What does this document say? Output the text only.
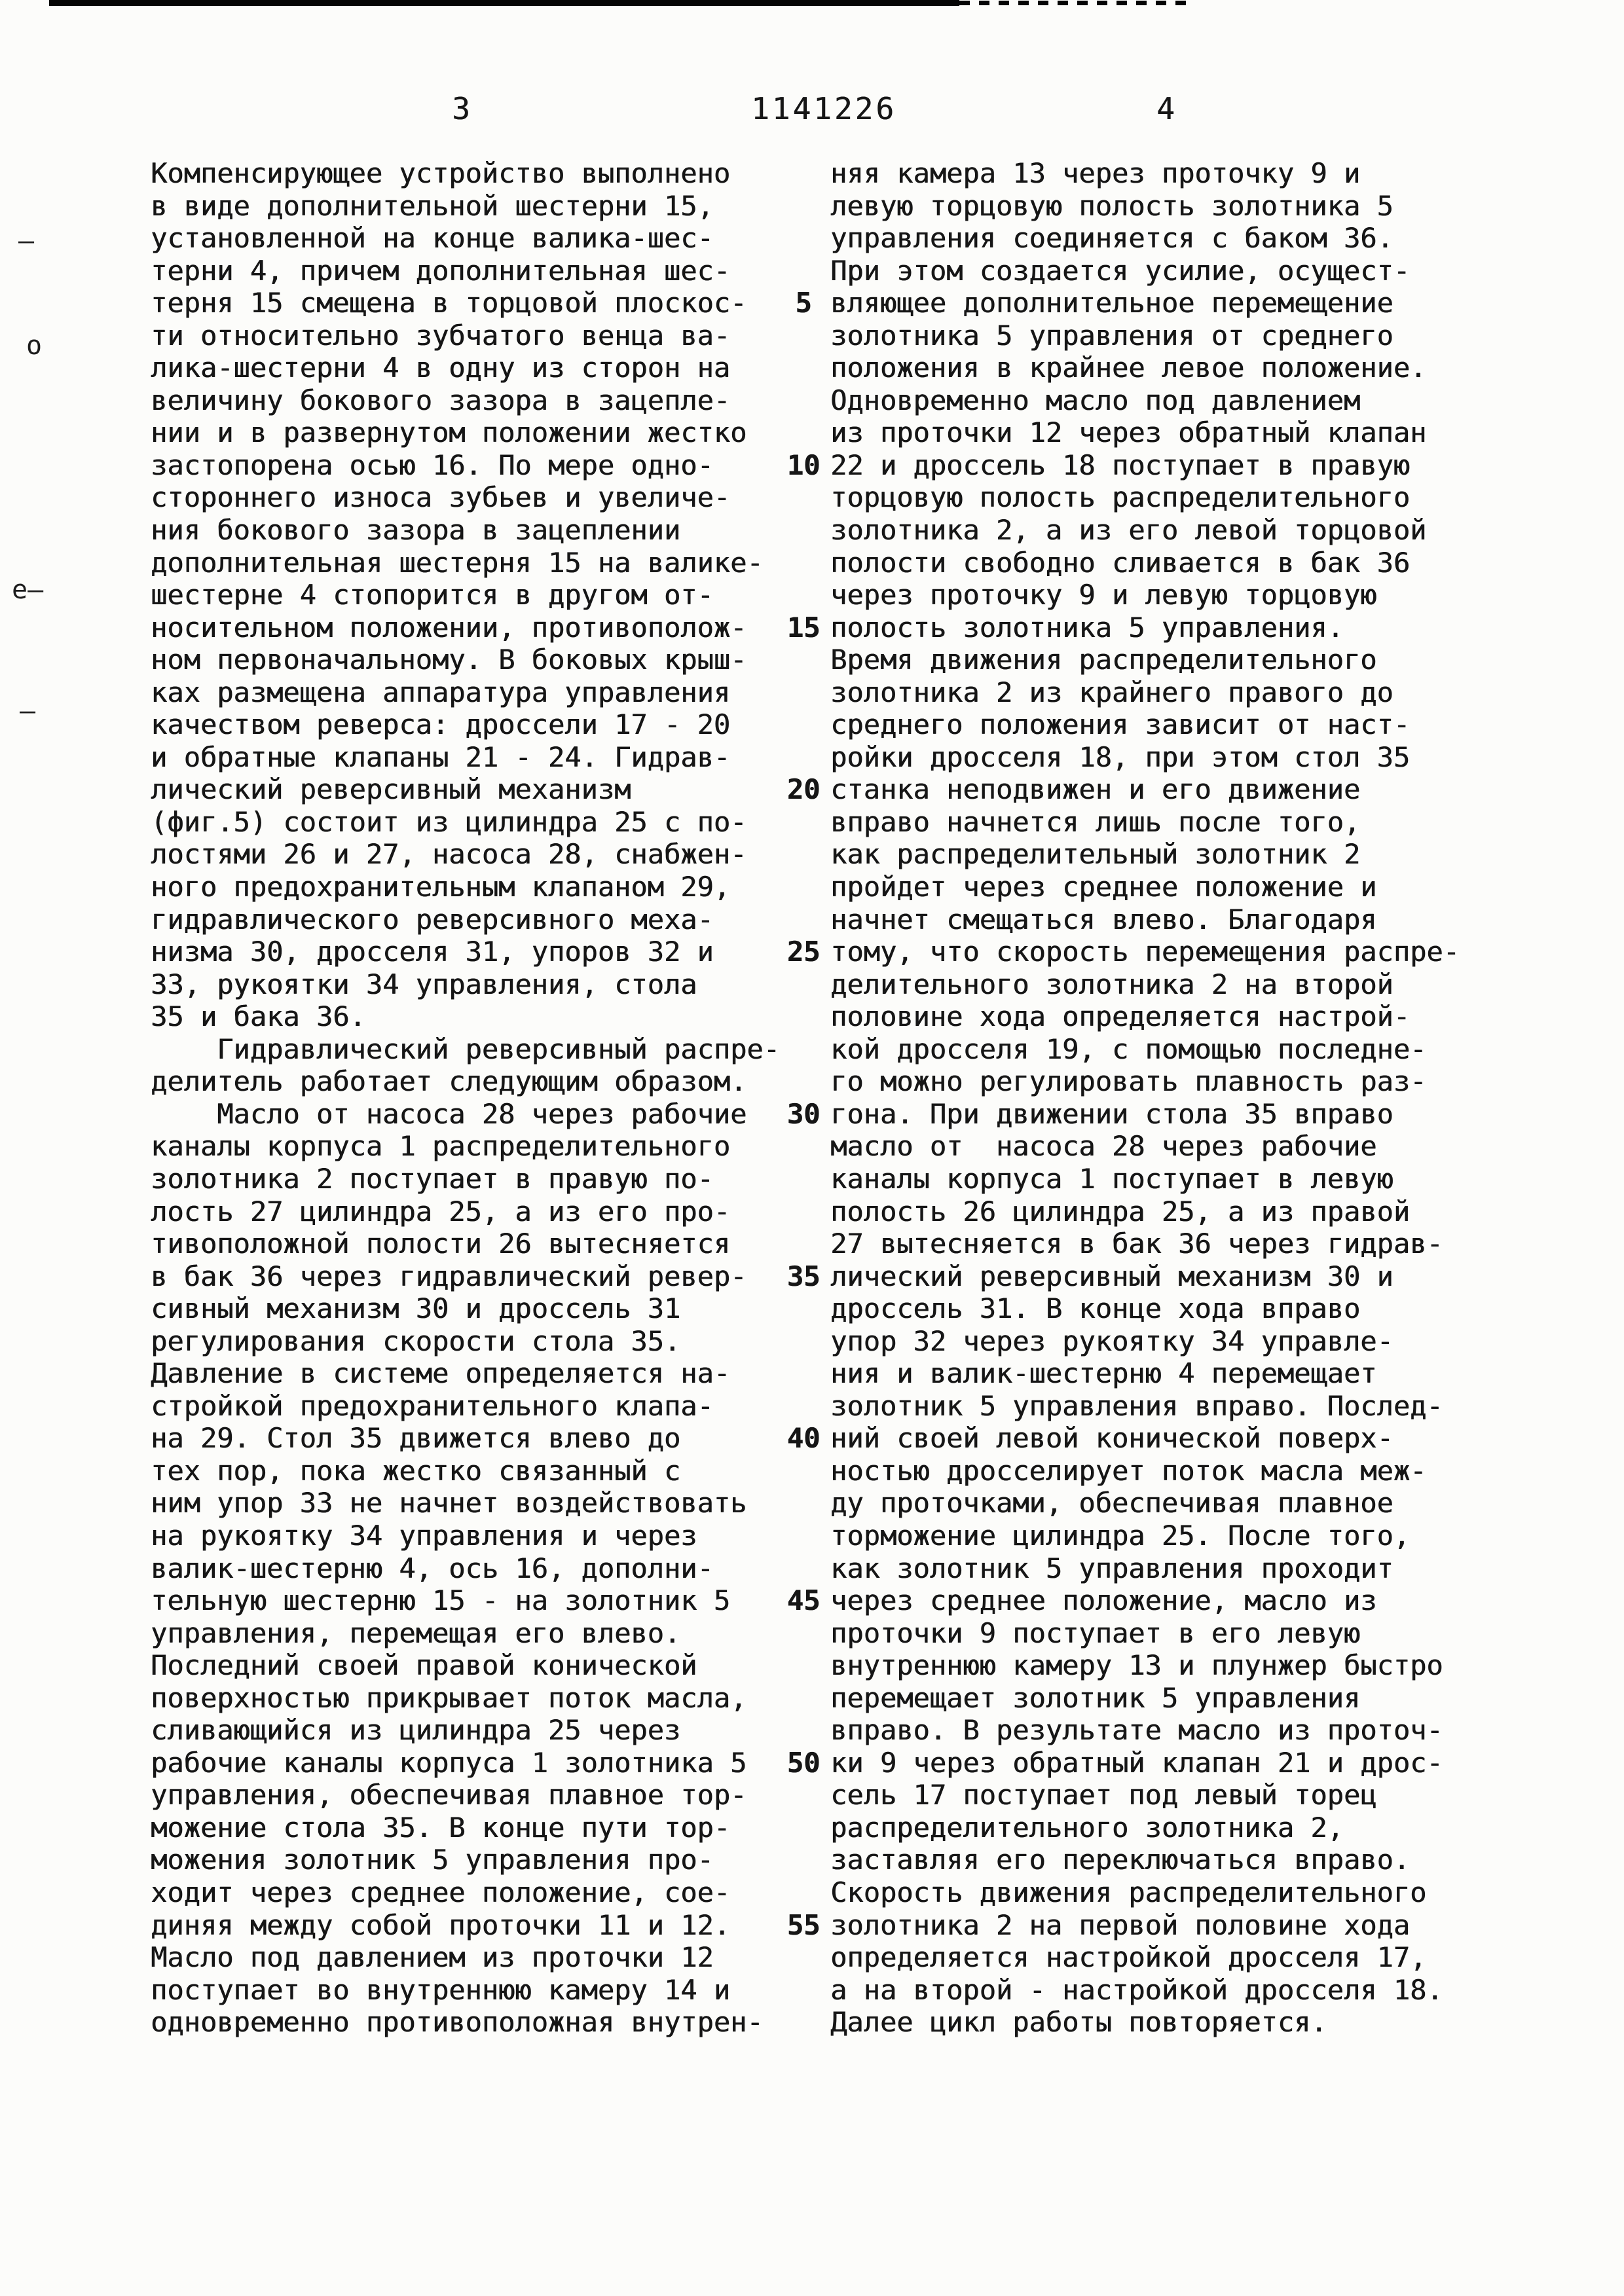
3	1141226	4
Компенсирующее устройство выполнено
в виде дополнительной шестерни 15,
установленной на конце валика-шес-
терни 4, причем дополнительная шес-
терня 15 смещена в торцовой плоскос-
ти относительно зубчатого венца ва-
лика-шестерни 4 в одну из сторон на
величину бокового зазора в зацепле-
нии и в развернутом положении жестко
застопорена осью 16. По мере одно-
стороннего износа зубьев и увеличе-
ния бокового зазора в зацеплении
дополнительная шестерня 15 на валике-
шестерне 4 стопорится в другом от-
носительном положении, противополож-
ном первоначальному. В боковых крыш-
ках размещена аппаратура управления
качеством реверса: дроссели 17 - 20
и обратные клапаны 21 - 24. Гидрав-
лический реверсивный механизм
(фиг.5) состоит из цилиндра 25 с по-
лостями 26 и 27, насоса 28, снабжен-
ного предохранительным клапаном 29,
гидравлического реверсивного меха-
низма 30, дросселя 31, упоров 32 и
33, рукоятки 34 управления, стола
35 и бака 36.
Гидравлический реверсивный распре-
делитель работает следующим образом.
Масло от насоса 28 через рабочие
каналы корпуса 1 распределительного
золотника 2 поступает в правую по-
лость 27 цилиндра 25, а из его про-
тивоположной полости 26 вытесняется
в бак 36 через гидравлический ревер-
сивный механизм 30 и дроссель 31
регулирования скорости стола 35.
Давление в системе определяется на-
стройкой предохранительного клапа-
на 29. Стол 35 движется влево до
тех пор, пока жестко связанный с
ним упор 33 не начнет воздействовать
на рукоятку 34 управления и через
валик-шестерню 4, ось 16, дополни-
тельную шестерню 15 - на золотник 5
управления, перемещая его влево.
Последний своей правой конической
поверхностью прикрывает поток масла,
сливающийся из цилиндра 25 через
рабочие каналы корпуса 1 золотника 5
управления, обеспечивая плавное тор-
можение стола 35. В конце пути тор-
можения золотник 5 управления про-
ходит через среднее положение, сое-
диняя между собой проточки 11 и 12.
Масло под давлением из проточки 12
поступает во внутреннюю камеру 14 и
одновременно противоположная внутрен-
5
10
15
20
25
30
35
40
45
50
55
няя камера 13 через проточку 9 и
левую торцовую полость золотника 5
управления соединяется с баком 36.
При этом создается усилие, осущест-
вляющее дополнительное перемещение
золотника 5 управления от среднего
положения в крайнее левое положение.
Одновременно масло под давлением
из проточки 12 через обратный клапан
22 и дроссель 18 поступает в правую
торцовую полость распределительного
золотника 2, а из его левой торцовой
полости свободно сливается в бак 36
через проточку 9 и левую торцовую
полость золотника 5 управления.
Время движения распределительного
золотника 2 из крайнего правого до
среднего положения зависит от наст-
ройки дросселя 18, при этом стол 35
станка неподвижен и его движение
вправо начнется лишь после того,
как распределительный золотник 2
пройдет через среднее положение и
начнет смещаться влево. Благодаря
тому, что скорость перемещения распре-
делительного золотника 2 на второй
половине хода определяется настрой-
кой дросселя 19, с помощью последне-
го можно регулировать плавность раз-
гона. При движении стола 35 вправо
масло от  насоса 28 через рабочие
каналы корпуса 1 поступает в левую
полость 26 цилиндра 25, а из правой
27 вытесняется в бак 36 через гидрав-
лический реверсивный механизм 30 и
дроссель 31. В конце хода вправо
упор 32 через рукоятку 34 управле-
ния и валик-шестерню 4 перемещает
золотник 5 управления вправо. Послед-
ний своей левой конической поверх-
ностью дросселирует поток масла меж-
ду проточками, обеспечивая плавное
торможение цилиндра 25. После того,
как золотник 5 управления проходит
через среднее положение, масло из
проточки 9 поступает в его левую
внутреннюю камеру 13 и плунжер быстро
перемещает золотник 5 управления
вправо. В результате масло из проточ-
ки 9 через обратный клапан 21 и дрос-
сель 17 поступает под левый торец
распределительного золотника 2,
заставляя его переключаться вправо.
Скорость движения распределительного
золотника 2 на первой половине хода
определяется настройкой дросселя 17,
а на второй - настройкой дросселя 18.
Далее цикл работы повторяется.
—
о
е—
—
